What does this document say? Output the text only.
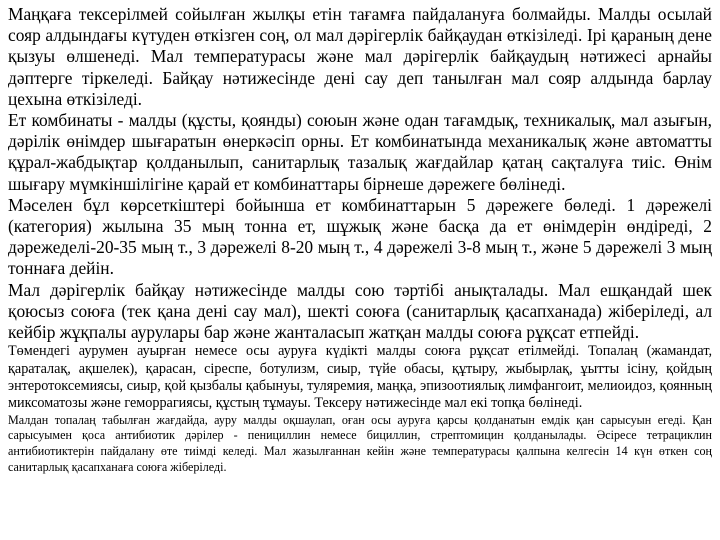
Маңқаға тексерілмей сойылған жылқы етін тағамға пайдалануға болмайды. Малды осылай сояр алдындағы күтуден өткізген соң, ол мал дәрігерлік байқаудан өткізіледі. Ірі қараның дене қызуы өлшенеді. Мал температурасы және мал дәрігерлік байқаудың нәтижесі арнайы дәптерге тіркеледі. Байқау нәтижесінде дені сау деп танылған мал сояр алдында барлау цехына өткізіледі.

Ет комбинаты - малды (құсты, қоянды) союын және одан тағамдық, техникалық, мал азығын, дәрілік өнімдер шығаратын өнеркәсіп орны. Ет комбинатында механикалық және автоматты құрал-жабдықтар қолданылып, санитарлық тазалық жағдайлар қатаң сақталуға тиіс. Өнім шығару мүмкіншілігіне қарай ет комбинаттары бірнеше дәрежеге бөлінеді.

Мәселен бұл көрсеткіштері бойынша ет комбинаттарын 5 дәрежеге бөледі. 1 дәрежелі (категория) жылына 35 мың тонна ет, шұжық және басқа да ет өнімдерін өндіреді, 2 дәрежеделі-20-35 мың т., 3 дәрежелі 8-20 мың т., 4 дәрежелі 3-8 мың т., және 5 дәрежелі 3 мың тоннаға дейін.

Мал дәрігерлік байқау нәтижесінде малды сою тәртібі анықталады. Мал ешқандай шек қоюсыз союға (тек қана дені сау мал), шекті союға (санитарлық қасапханада) жіберіледі, ал кейбір жұқпалы аурулары бар және жанталасып жатқан малды союға рұқсат етпейді.

Төмендегі аурумен ауырған немесе осы ауруға күдікті малды союға рұқсат етілмейді. Топалаң (жамандат, қараталақ, ақшелек), қарасан, сіреспе, ботулизм, сиыр, түйе обасы, құтыру, жыбырлақ, ұытты ісіну, қойдың энтеротоксемиясы, сиыр, қой қызбалы қабынуы, туляремия, маңқа, эпизоотиялық лимфангоит, мелиоидоз, қоянның миксоматозы және геморрагиясы, құстың тұмауы. Тексеру нәтижесінде мал екі топқа бөлінеді.

Малдан топалаң табылған жағдайда, ауру малды оқшаулап, оған осы ауруға қарсы қолданатын емдік қан сарысуын егеді. Қан сарысуымен қоса антибиотик дәрілер - пенициллин немесе бициллин, стрептомицин қолданылады. Әсіресе тетрациклин антибиотиктерін пайдалану өте тиімді келеді. Мал жазылғаннан кейін және температурасы қалпына келгесін 14 күн өткен соң санитарлық қасапханаға союға жіберіледі.
